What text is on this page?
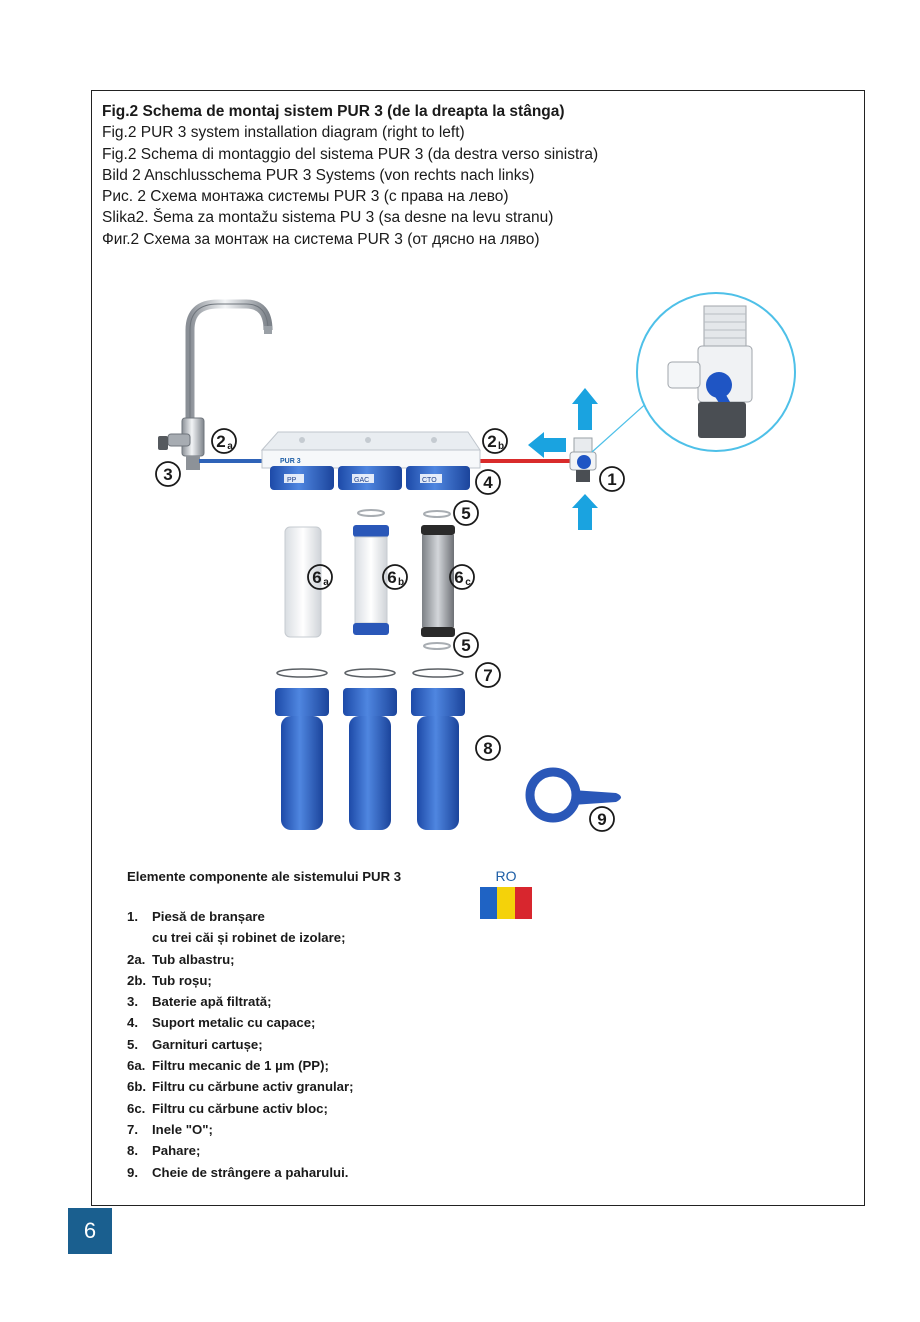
Fig.2 Schema de montaj sistem PUR 3 (de la dreapta la stânga)
Fig.2 PUR 3 system installation diagram (right to left)
Fig.2 Schema di montaggio del sistema PUR 3 (da destra verso sinistra)
Bild 2 Anschlusschema PUR 3 Systems (von rechts nach links)
Рис. 2 Схема монтажа системы PUR 3 (с права на лево)
Slika2. Šema za montažu sistema PU 3 (sa desne na levu stranu)
Фиг.2 Схема за монтаж на система PUR 3 (от дясно на ляво)
PUR 3
PP	GAC	CTO	1
2 a	2 b
3	4
5
6 a	6 b	6 c
5
7
8
9
Elemente componente ale sistemului PUR 3
1.	Piesă de branșare
cu trei căi și robinet de izolare;
2a. Tub albastru;
2b. Tub roșu;
3.	Baterie apă filtrată;
4.	Suport metalic cu capace;
5.	Garnituri cartușe;
6a. Filtru mecanic de 1 µm (PP);
6b. Filtru cu cărbune activ granular;
6c. Filtru cu cărbune activ bloc;
7.	Inele "O";
8.	Pahare;
9.	Cheie de strângere a paharului.
RO
6
